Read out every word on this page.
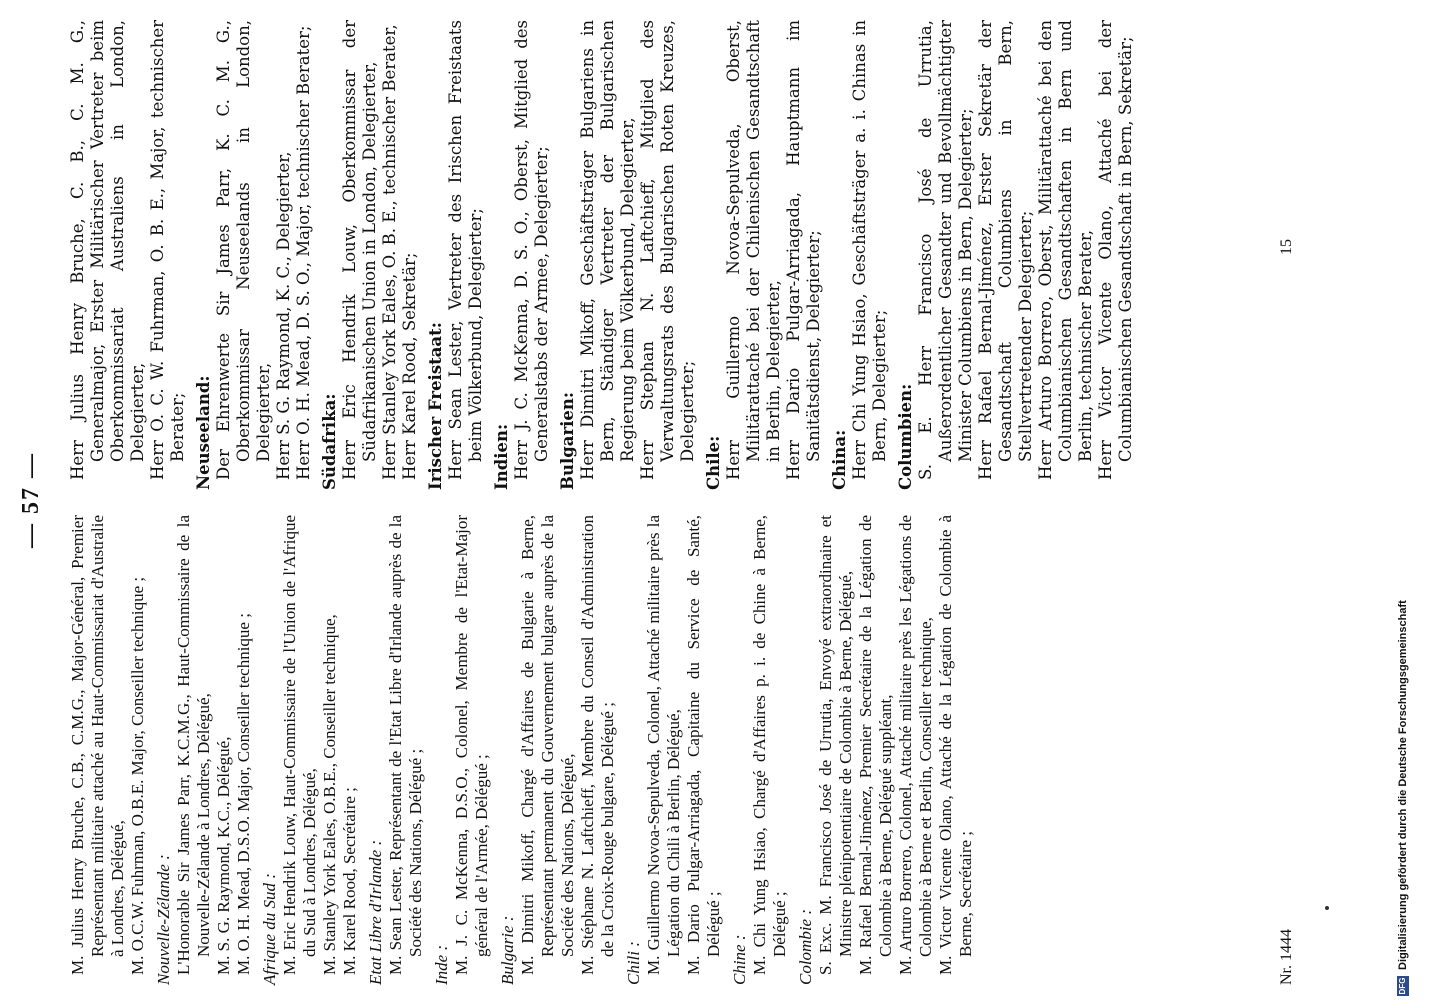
— 57 —

M. Julius Henry Bruche, C.B., C.M.G., Major-Général, Premier Représentant militaire attaché au Haut-Commissariat d'Australie à Londres, Délégué, M. O.C.W. Fuhrman, O.B.E. Major, Conseiller technique ; Nouvelle-Zélande : L'Honorable Sir James Parr, K.C.M.G., Haut-Commissaire de la Nouvelle-Zélande à Londres, Délégué, M. S. G. Raymond, K.C., Délégué, M. O. H. Mead, D.S.O. Major, Conseiller technique ; Afrique du Sud : M. Eric Hendrik Louw, Haut-Commissaire de l'Union de l'Afrique du Sud à Londres, Délégué, M. Stanley York Eales, O.B.E., Conseiller technique, M. Karel Rood, Secrétaire ; Etat Libre d'Irlande : M. Sean Lester, Représentant de l'Etat Libre d'Irlande auprès de la Société des Nations, Délégué ;

Inde : M. J. C. McKenna, D.S.O., Colonel, Membre de l'Etat-Major général de l'Armée, Délégué ; Bulgarie : M. Dimitri Mikoff, Chargé d'Affaires de Bulgarie à Berne, Représentant permanent du Gouvernement bulgare auprès de la Société des Nations, Délégué, M. Stéphane N. Laftchieff, Membre du Conseil d'Administration de la Croix-Rouge bulgare, Délégué ;

Chili : M. Guillermo Novoa-Sepulveda, Colonel, Attaché militaire près la Légation du Chili à Berlin, Délégué, M. Dario Pulgar-Arriagada, Capitaine du Service de Santé, Délégué ;

Chine : M. Chi Yung Hsiao, Chargé d'Affaires p. i. de Chine à Berne, Délégué ; Colombie : S. Exc. M. Francisco José de Urrutia, Envoyé extraordinaire et Ministre plénipotentiaire de Colombie à Berne, Délégué, M. Rafael Bernal-Jiménez, Premier Secrétaire de la Légation de Colombie à Berne, Délégué suppléant, M. Arturo Borrero, Colonel, Attaché militaire près les Légations de Colombie à Berne et Berlin, Conseiller technique, M. Victor Vicente Olano, Attaché de la Légation de Colombie à Berne, Secrétaire ;

Herr Julius Henry Bruche, C. B., C. M. G., Generalmajor, Erster Militärischer Vertreter beim Oberkommissariat Australiens in London, Delegierter, Herr O. C. W. Fuhrman, O. B. E., Major, technischer Berater; Neuseeland: Der Ehrenwerte Sir James Parr, K. C. M. G., Oberkommissar Neuseelands in London, Delegierter, Herr S. G. Raymond, K. C., Delegierter, Herr O. H. Mead, D. S. O., Major, technischer Berater; Südafrika: Herr Eric Hendrik Louw, Oberkommissar der Südafrikanischen Union in London, Delegierter, Herr Stanley York Eales, O. B. E., technischer Berater, Herr Karel Rood, Sekretär; Irischer Freistaat: Herr Sean Lester, Vertreter des Irischen Freistaats beim Völkerbund, Delegierter; Indien: Herr J. C. McKenna, D. S. O., Oberst, Mitglied des Generalstabs der Armee, Delegierter; Bulgarien: Herr Dimitri Mikoff, Geschäftsträger Bulgariens in Bern, Ständiger Vertreter der Bulgarischen Regierung beim Völkerbund, Delegierter, Herr Stephan N. Laftchieff, Mitglied des Verwaltungsrats des Bulgarischen Roten Kreuzes, Delegierter;

Chile: Herr Guillermo Novoa-Sepulveda, Oberst, Militärattaché bei der Chilenischen Gesandtschaft in Berlin, Delegierter, Herr Dario Pulgar-Arriagada, Hauptmann im Sanitätsdienst, Delegierter; China: Herr Chi Yung Hsiao, Geschäftsträger a. i. Chinas in Bern, Delegierter; Columbien: S. E. Herr Francisco José de Urrutia, Außerordentlicher Gesandter und Bevollmächtigter Minister Columbiens in Bern, Delegierter; Herr Rafael Bernal-Jiménez, Erster Sekretär der Gesandtschaft Columbiens in Bern, Stellvertretender Delegierter; Herr Arturo Borrero, Oberst, Militärattaché bei den Columbianischen Gesandtschaften in Bern und Berlin, technischer Berater, Herr Victor Vicente Olano, Attaché bei der Columbianischen Gesandtschaft in Bern, Sekretär;

Nr. 1444
15
DFG
Digitalisierung gefördert durch die Deutsche Forschungsgemeinschaft
